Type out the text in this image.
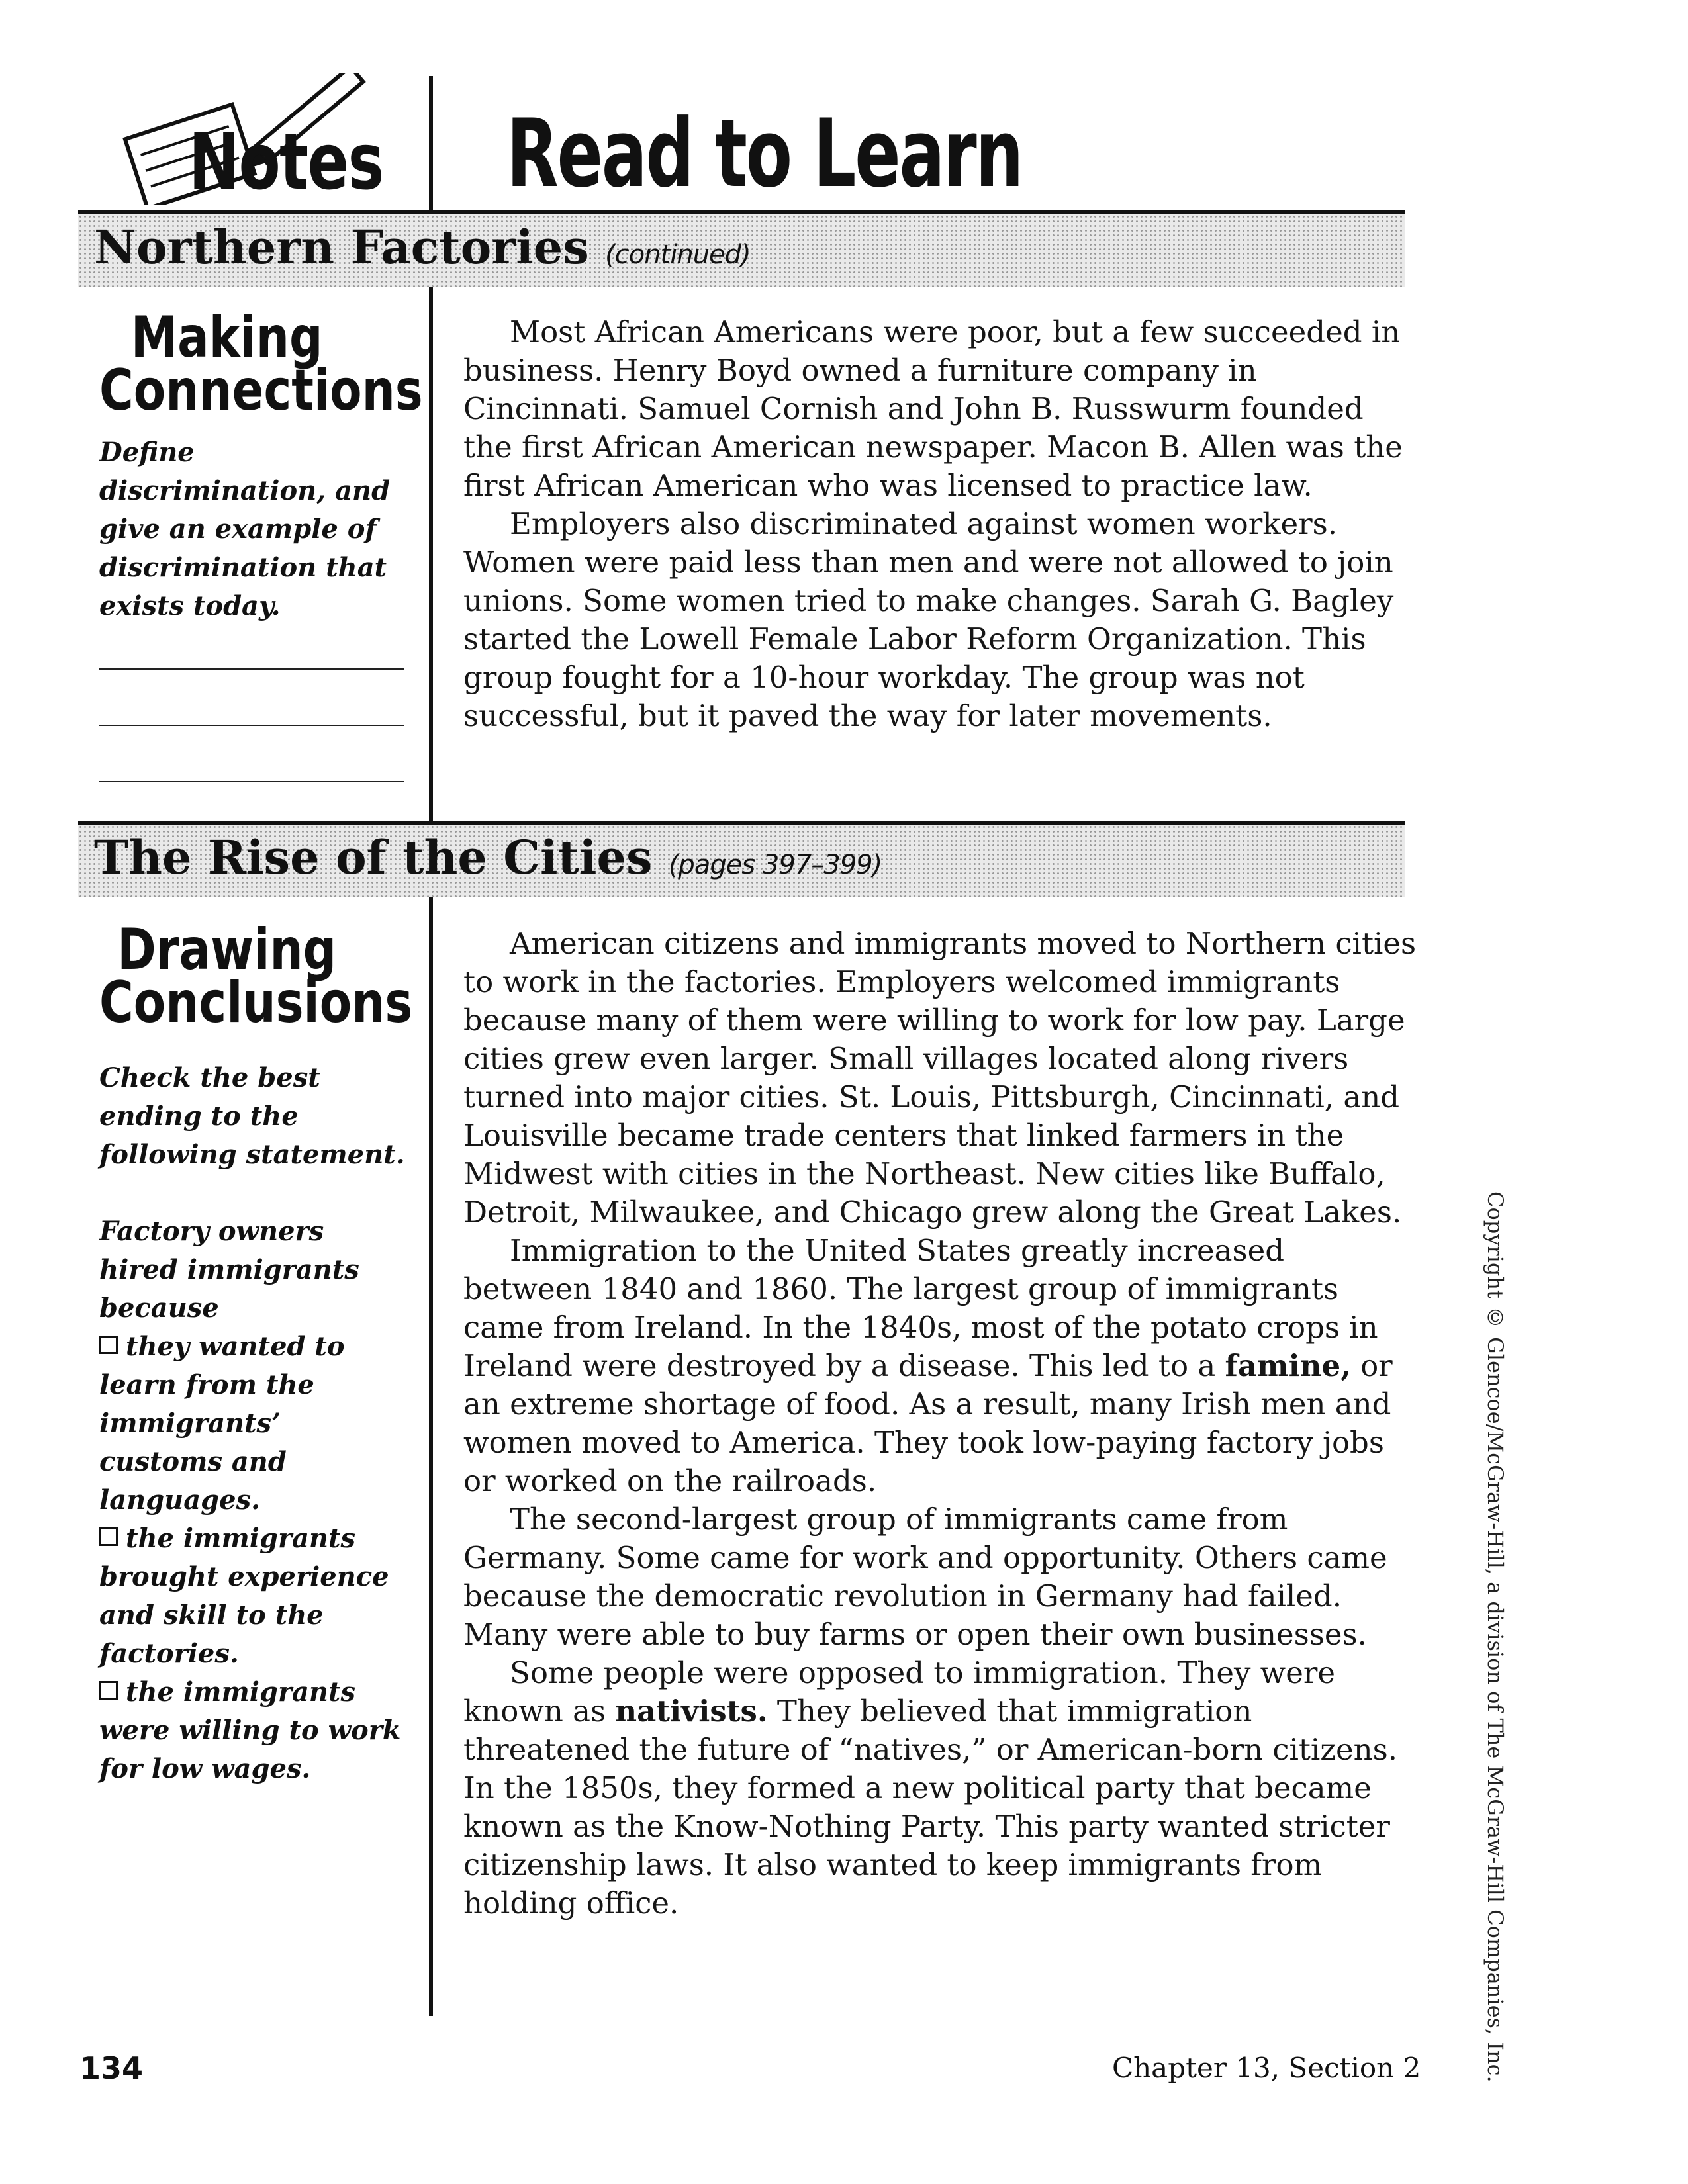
Notes Read to Learn
Northern Factories (continued)
Making
Connections
Define discrimination, and give an example of discrimination that exists today.

Most African Americans were poor, but a few succeeded in business. Henry Boyd owned a furniture company in Cincinnati. Samuel Cornish and John B. Russwurm founded the first African American newspaper. Macon B. Allen was the first African American who was licensed to practice law.

Employers also discriminated against women workers. Women were paid less than men and were not allowed to join unions. Some women tried to make changes. Sarah G. Bagley started the Lowell Female Labor Reform Organization. This group fought for a 10-hour workday. The group was not successful, but it paved the way for later movements.

The Rise of the Cities (pages 397–399)
Drawing
Conclusions
Check the best ending to the following statement.
Factory owners hired immigrants because
they wanted to learn from the immigrants’ customs and languages.
the immigrants brought experience and skill to the factories.
the immigrants were willing to work for low wages.

American citizens and immigrants moved to Northern cities to work in the factories. Employers welcomed immigrants because many of them were willing to work for low pay. Large cities grew even larger. Small villages located along rivers turned into major cities. St. Louis, Pittsburgh, Cincinnati, and Louisville became trade centers that linked farmers in the Midwest with cities in the Northeast. New cities like Buffalo, Detroit, Milwaukee, and Chicago grew along the Great Lakes.

Immigration to the United States greatly increased between 1840 and 1860. The largest group of immigrants came from Ireland. In the 1840s, most of the potato crops in Ireland were destroyed by a disease. This led to a famine, or an extreme shortage of food. As a result, many Irish men and women moved to America. They took low-paying factory jobs or worked on the railroads.

The second-largest group of immigrants came from Germany. Some came for work and opportunity. Others came because the democratic revolution in Germany had failed. Many were able to buy farms or open their own businesses.

Some people were opposed to immigration. They were known as nativists. They believed that immigration threatened the future of “natives,” or American-born citizens. In the 1850s, they formed a new political party that became known as the Know-Nothing Party. This party wanted stricter citizenship laws. It also wanted to keep immigrants from holding office.	Copyright © Glencoe/McGraw-Hill, a division of The McGraw-Hill Companies, Inc.
134	Chapter 13, Section 2
